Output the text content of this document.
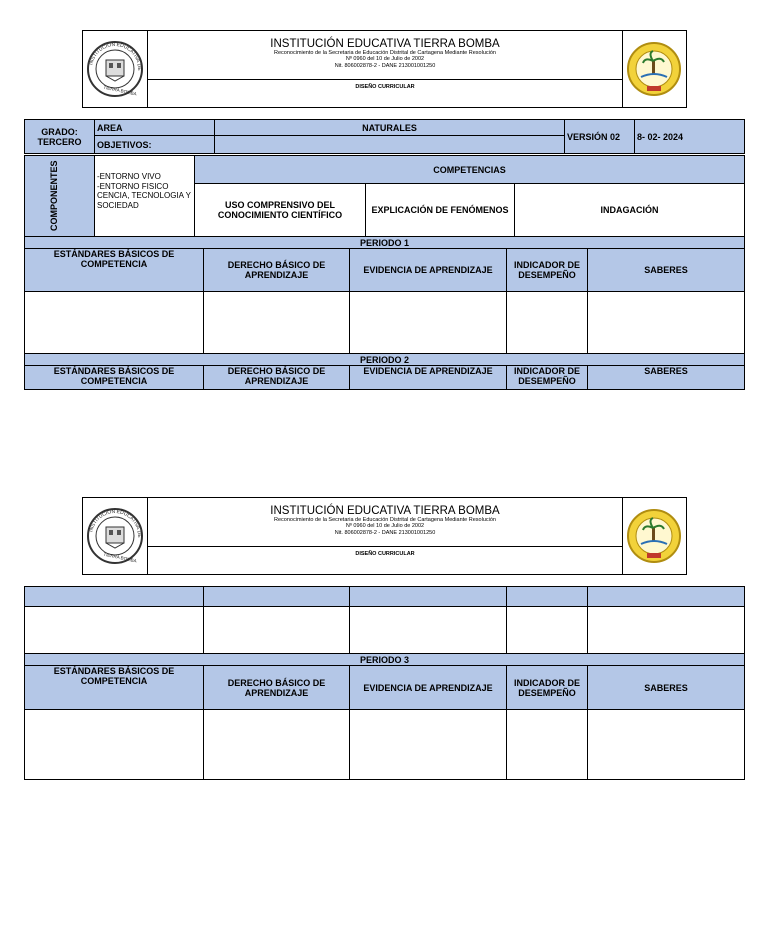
INSTITUCION EDUCATIVA DE
TIERRA BOMBA
INSTITUCIÓN EDUCATIVA TIERRA BOMBA
Reconocimiento de la Secretaria de Educación Distrital de Cartagena Mediante Resolución
Nº 0960 del 10 de Julio de 2002
Nit. 806002878-2 - DANE 213001001250
DISEÑO CURRICULAR
GRADO:
TERCERO	AREA	NATURALES	VERSIÓN 02	8- 02- 2024
	OBJETIVOS:			
COMPONENTES	-ENTORNO VIVO
-ENTORNO FISICO
CENCIA, TECNOLOGIA Y SOCIEDAD	COMPETENCIAS		
		USO COMPRENSIVO DEL CONOCIMIENTO CIENTÍFICO	EXPLICACIÓN DE FENÓMENOS	INDAGACIÓN
PERIODO 1				
ESTÁNDARES BÁSICOS DE COMPETENCIA	DERECHO BÁSICO DE APRENDIZAJE	EVIDENCIA DE APRENDIZAJE	INDICADOR DE DESEMPEÑO	SABERES

PERIODO 2				
ESTÁNDARES BÁSICOS DE COMPETENCIA	DERECHO BÁSICO DE APRENDIZAJE	EVIDENCIA DE APRENDIZAJE	INDICADOR DE DESEMPEÑO	SABERES
INSTITUCION EDUCATIVA DE
TIERRA BOMBA
INSTITUCIÓN EDUCATIVA TIERRA BOMBA
Reconocimiento de la Secretaria de Educación Distrital de Cartagena Mediante Resolución
Nº 0960 del 10 de Julio de 2002
Nit. 806002878-2 - DANE 213001001250
DISEÑO CURRICULAR

PERIODO 3				
ESTÁNDARES BÁSICOS DE COMPETENCIA	DERECHO BÁSICO DE APRENDIZAJE	EVIDENCIA DE APRENDIZAJE	INDICADOR DE DESEMPEÑO	SABERES
